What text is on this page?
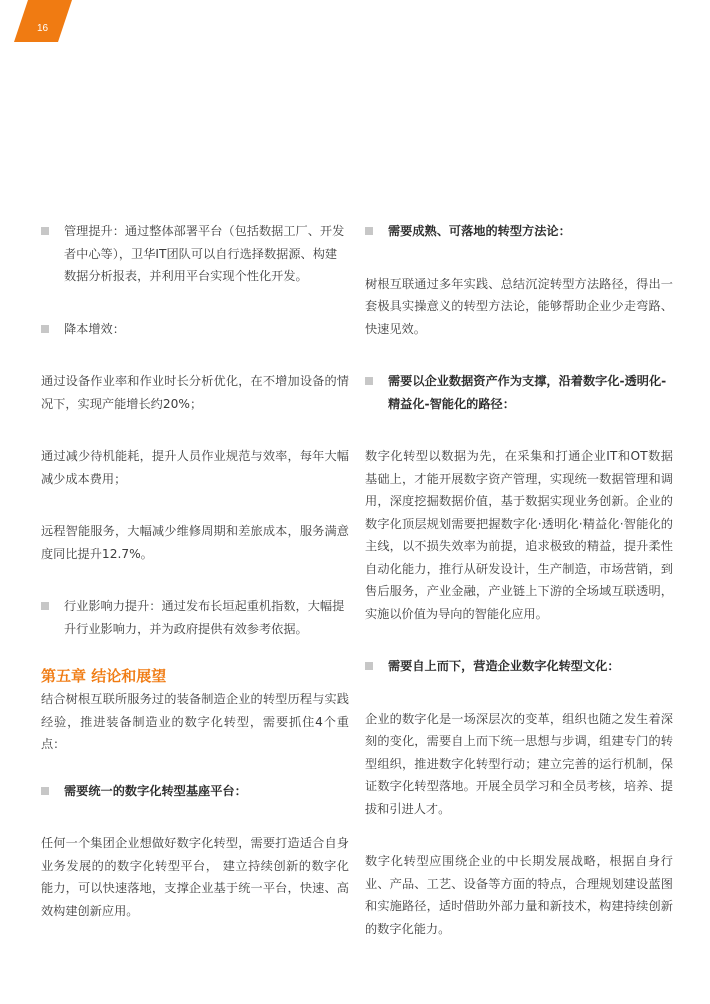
16
管理提升：通过整体部署平台（包括数据工厂、开发者中心等），卫华IT团队可以自行选择数据源、构建数据分析报表，并利用平台实现个性化开发。
降本增效：

通过设备作业率和作业时长分析优化，在不增加设备的情况下，实现产能增长约20%；

通过减少待机能耗，提升人员作业规范与效率，每年大幅减少成本费用；

远程智能服务，大幅减少维修周期和差旅成本，服务满意度同比提升12.7%。

行业影响力提升：通过发布长垣起重机指数，大幅提升行业影响力，并为政府提供有效参考依据。
第五章 结论和展望

结合树根互联所服务过的装备制造企业的转型历程与实践经验，推进装备制造业的数字化转型，需要抓住4个重点：

需要统一的数字化转型基座平台：

任何一个集团企业想做好数字化转型，需要打造适合自身业务发展的的数字化转型平台， 建立持续创新的数字化能力，可以快速落地，支撑企业基于统一平台，快速、高效构建创新应用。

需要成熟、可落地的转型方法论：

树根互联通过多年实践、总结沉淀转型方法路径，得出一套极具实操意义的转型方法论，能够帮助企业少走弯路、快速见效。

需要以企业数据资产作为支撑，沿着数字化-透明化-精益化-智能化的路径：

数字化转型以数据为先，在采集和打通企业IT和OT数据基础上，才能开展数字资产管理，实现统一数据管理和调用，深度挖掘数据价值，基于数据实现业务创新。企业的数字化顶层规划需要把握数字化·透明化·精益化·智能化的主线，以不损失效率为前提，追求极致的精益，提升柔性自动化能力，推行从研发设计，生产制造，市场营销，到售后服务，产业金融，产业链上下游的全场域互联透明，实施以价值为导向的智能化应用。

需要自上而下，营造企业数字化转型文化：

企业的数字化是一场深层次的变革，组织也随之发生着深刻的变化，需要自上而下统一思想与步调，组建专门的转型组织，推进数字化转型行动；建立完善的运行机制，保证数字化转型落地。开展全员学习和全员考核，培养、提拔和引进人才。

数字化转型应围绕企业的中长期发展战略，根据自身行业、产品、工艺、设备等方面的特点，合理规划建设蓝图和实施路径，适时借助外部力量和新技术，构建持续创新的数字化能力。
